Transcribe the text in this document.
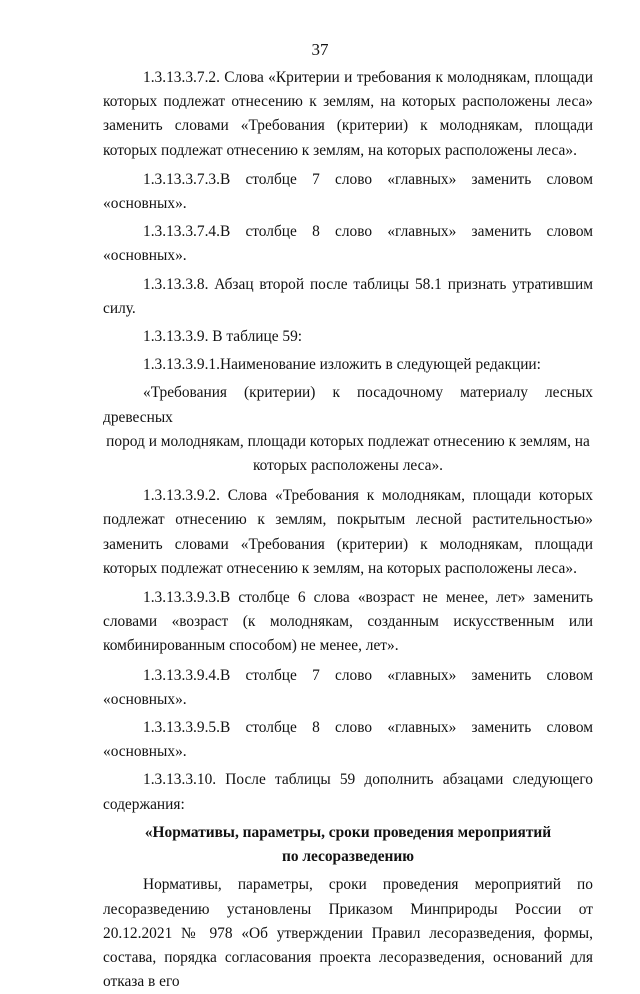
37

1.3.13.3.7.2. Слова «Критерии и требования к молоднякам, площади которых подлежат отнесению к землям, на которых расположены леса» заменить словами «Требования (критерии) к молоднякам, площади которых подлежат отнесению к землям, на которых расположены леса».

1.3.13.3.7.3.В столбце 7 слово «главных» заменить словом «основных».

1.3.13.3.7.4.В столбце 8 слово «главных» заменить словом «основных».

1.3.13.3.8. Абзац второй после таблицы 58.1 признать утратившим силу.

1.3.13.3.9. В таблице 59:

1.3.13.3.9.1.Наименование изложить в следующей редакции:

«Требования (критерии) к посадочному материалу лесных древесных
пород и молоднякам, площади которых подлежат отнесению к землям, на
которых расположены леса».

1.3.13.3.9.2. Слова «Требования к молоднякам, площади которых подлежат отнесению к землям, покрытым лесной растительностью» заменить словами «Требования (критерии) к молоднякам, площади которых подлежат отнесению к землям, на которых расположены леса».

1.3.13.3.9.3.В столбце 6 слова «возраст не менее, лет» заменить словами «возраст (к молоднякам, созданным искусственным или комбинированным способом) не менее, лет».

1.3.13.3.9.4.В столбце 7 слово «главных» заменить словом «основных».

1.3.13.3.9.5.В столбце 8 слово «главных» заменить словом «основных».

1.3.13.3.10. После таблицы 59 дополнить абзацами следующего содержания:

«Нормативы, параметры, сроки проведения мероприятий
по лесоразведению

Нормативы, параметры, сроки проведения мероприятий по лесоразведению установлены Приказом Минприроды России от 20.12.2021 № 978 «Об утверждении Правил лесоразведения, формы, состава, порядка согласования проекта лесоразведения, оснований для отказа в его
